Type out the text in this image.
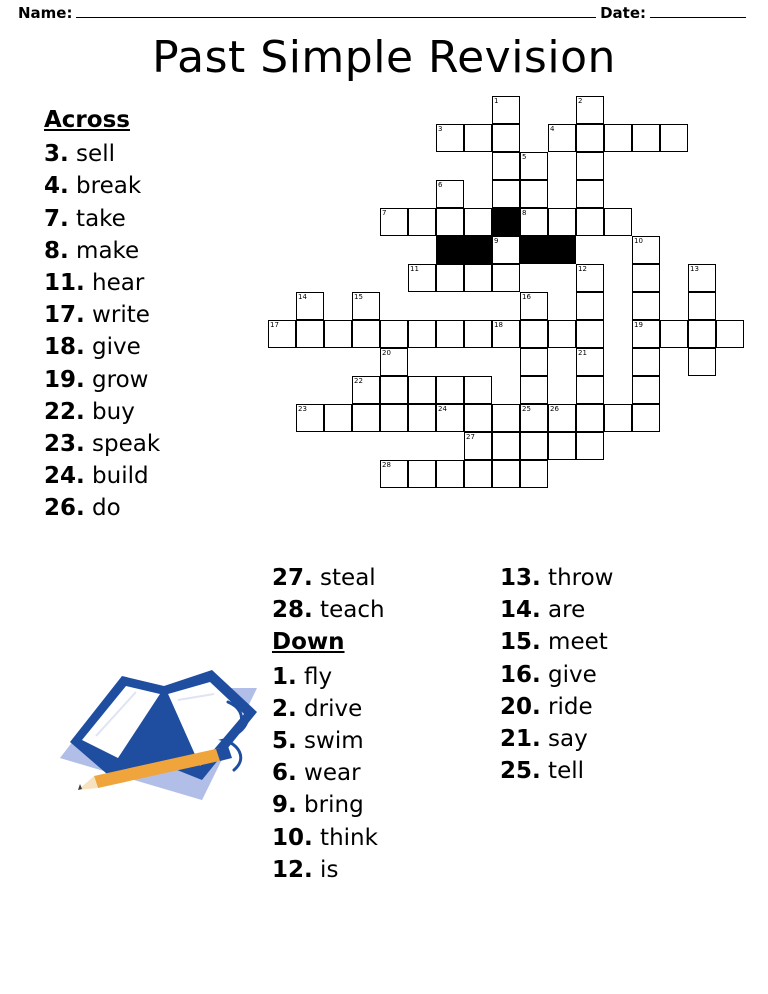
Name:	Date:
Past Simple Revision
Across
3. sell
4. break
7. take
8. make
11. hear
17. write
18. give
19. grow
22. buy
23. speak
24. build
26. do
27. steal
28. teach
Down
1. fly
2. drive
5. swim
6. wear
9. bring
10. think
12. is
13. throw
14. are
15. meet
16. give
20. ride
21. say
25. tell
1	2
3	4
5
6
7	8
9	10
11	12	13
14	15	16
17	18	19
20	21
22
23	24	25	26
27
28
